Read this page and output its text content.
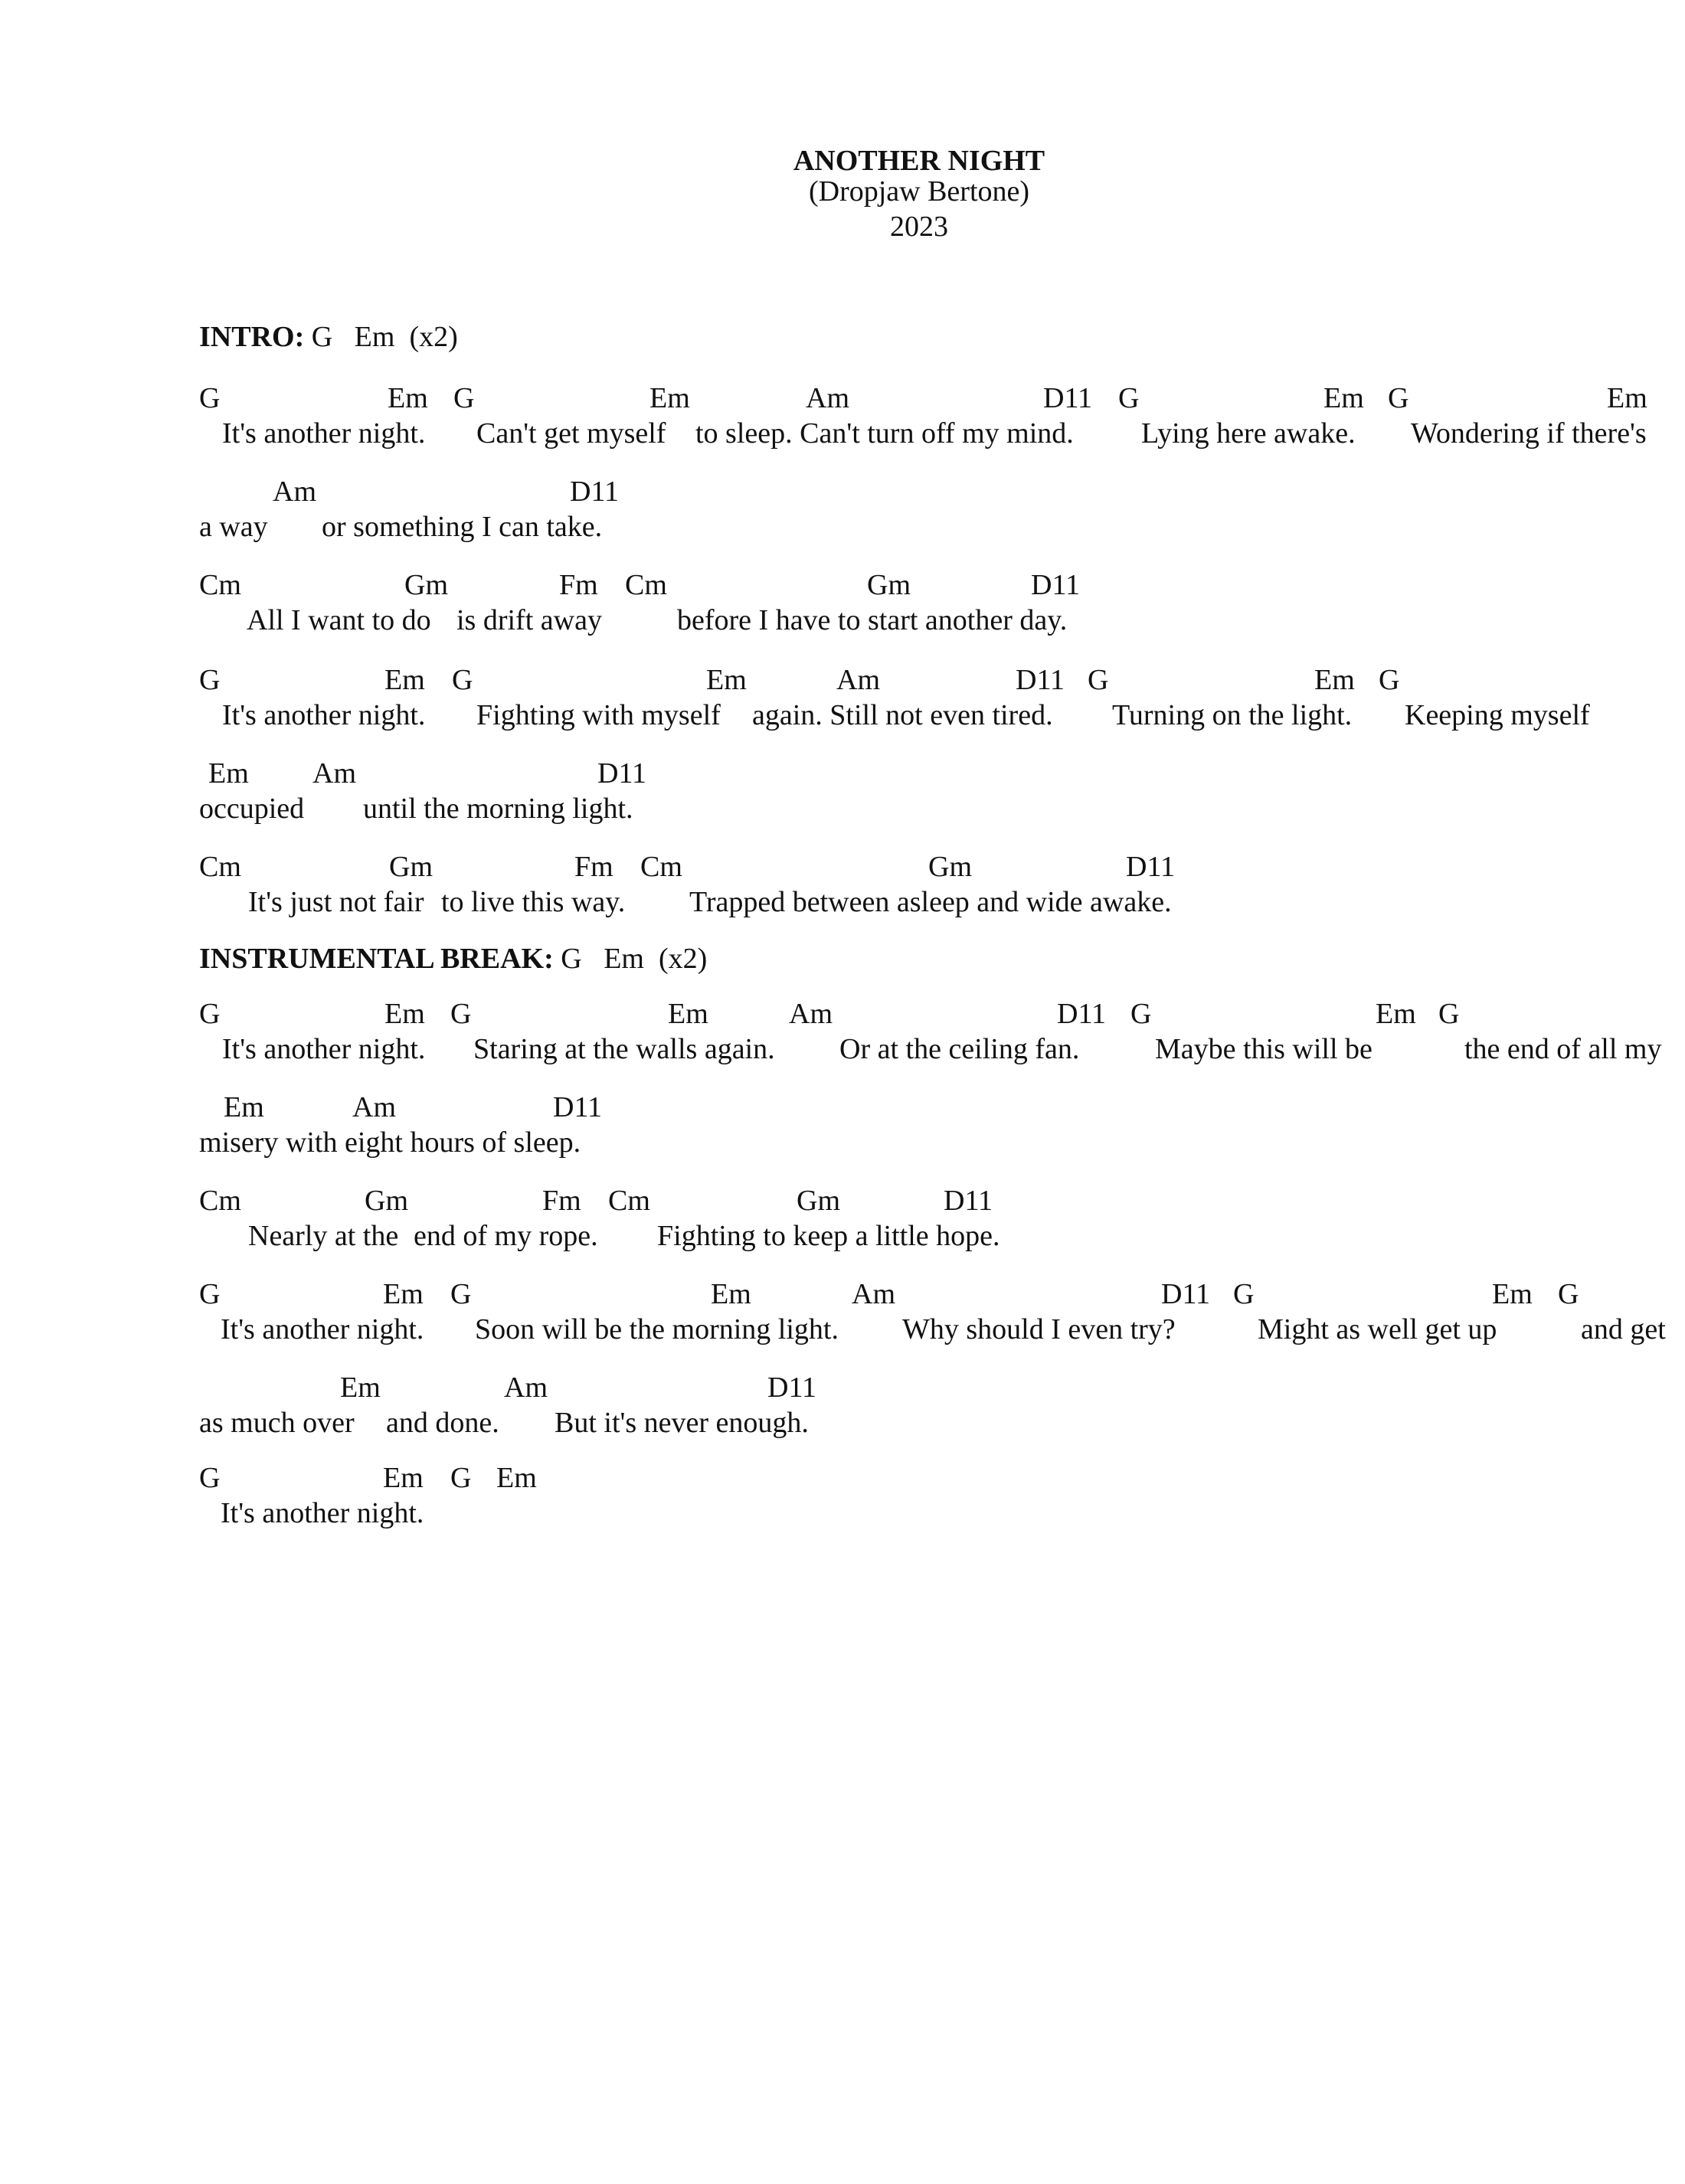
ANOTHER NIGHT
(Dropjaw Bertone)
2023
INTRO: G   Em  (x2)
G	Em G	Em	Am	D11 G	Em G	Em
It's another night. Can't get myself to sleep. Can't turn off my mind. Lying here awake. Wondering if there's
Am	D11
a way or something I can take.
Cm	Gm	Fm Cm	Gm	D11
All I want to do is drift away	before I have to start another day.
G	Em G	Em	Am	D11 G	Em G
It's another night. Fighting with myself again. Still not even tired. Turning on the light. Keeping myself
Em Am	D11
occupied until the morning light.
Cm	Gm	Fm Cm	Gm	D11
It's just not fair to live this way. Trapped between asleep and wide awake.
INSTRUMENTAL BREAK: G   Em  (x2)
G	Em G	Em	Am	D11 G	Em G
It's another night. Staring at the walls again. Or at the ceiling fan.	Maybe this will be	the end of all my
Em	Am	D11
misery with eight hours of sleep.
Cm	Gm	Fm Cm	Gm	D11
Nearly at the end of my rope. Fighting to keep a little hope.
G	Em G	Em	Am	D11 G	Em G
It's another night. Soon will be the morning light. Why should I even try?	Might as well get up	and get
Em	Am	D11
as much over and done. But it's never enough.
G	Em G Em
It's another night.
